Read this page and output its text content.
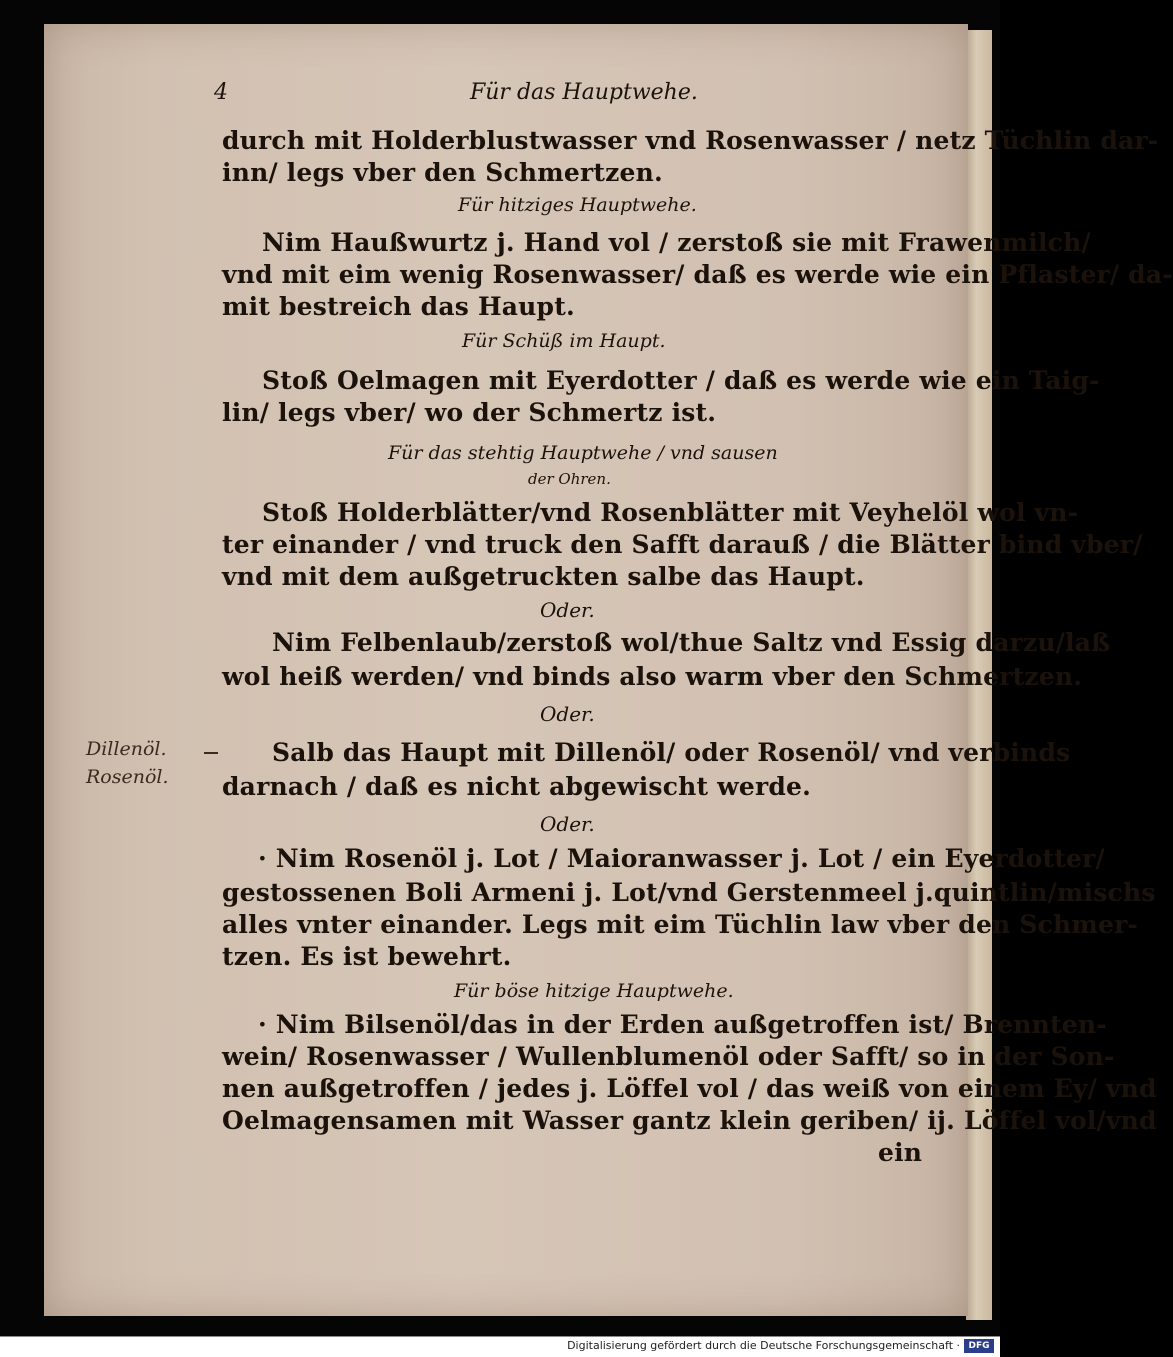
4	Für das Hauptwehe.
durch mit Holderblustwasser vnd Rosenwasser / netz Tüchlin dar-
inn/ legs vber den Schmertzen.
Für hitziges Hauptwehe.
Nim Haußwurtz j. Hand vol / zerstoß sie mit Frawenmilch/
vnd mit eim wenig Rosenwasser/ daß es werde wie ein Pflaster/ da-
mit bestreich das Haupt.
Für Schüß im Haupt.
Stoß Oelmagen mit Eyerdotter / daß es werde wie ein Taig-
lin/ legs vber/ wo der Schmertz ist.
Für das stehtig Hauptwehe / vnd sausen
der Ohren.
Stoß Holderblätter/vnd Rosenblätter mit Veyhelöl wol vn-
ter einander / vnd truck den Safft darauß / die Blätter bind vber/
vnd mit dem außgetruckten salbe das Haupt.
Oder.
Nim Felbenlaub/zerstoß wol/thue Saltz vnd Essig darzu/laß
wol heiß werden/ vnd binds also warm vber den Schmertzen.
Oder.
Dillenöl.
Rosenöl.
Salb das Haupt mit Dillenöl/ oder Rosenöl/ vnd verbinds
darnach / daß es nicht abgewischt werde.
Oder.
· Nim Rosenöl j. Lot / Maioranwasser j. Lot / ein Eyerdotter/
gestossenen Boli Armeni j. Lot/vnd Gerstenmeel j.quintlin/mischs
alles vnter einander. Legs mit eim Tüchlin law vber den Schmer-
tzen. Es ist bewehrt.
Für böse hitzige Hauptwehe.
· Nim Bilsenöl/das in der Erden außgetroffen ist/ Brennten-
wein/ Rosenwasser / Wullenblumenöl oder Safft/ so in der Son-
nen außgetroffen / jedes j. Löffel vol / das weiß von einem Ey/ vnd
Oelmagensamen mit Wasser gantz klein geriben/ ij. Löffel vol/vnd
ein
Digitalisierung gefördert durch die Deutsche Forschungsgemeinschaft · DFG
